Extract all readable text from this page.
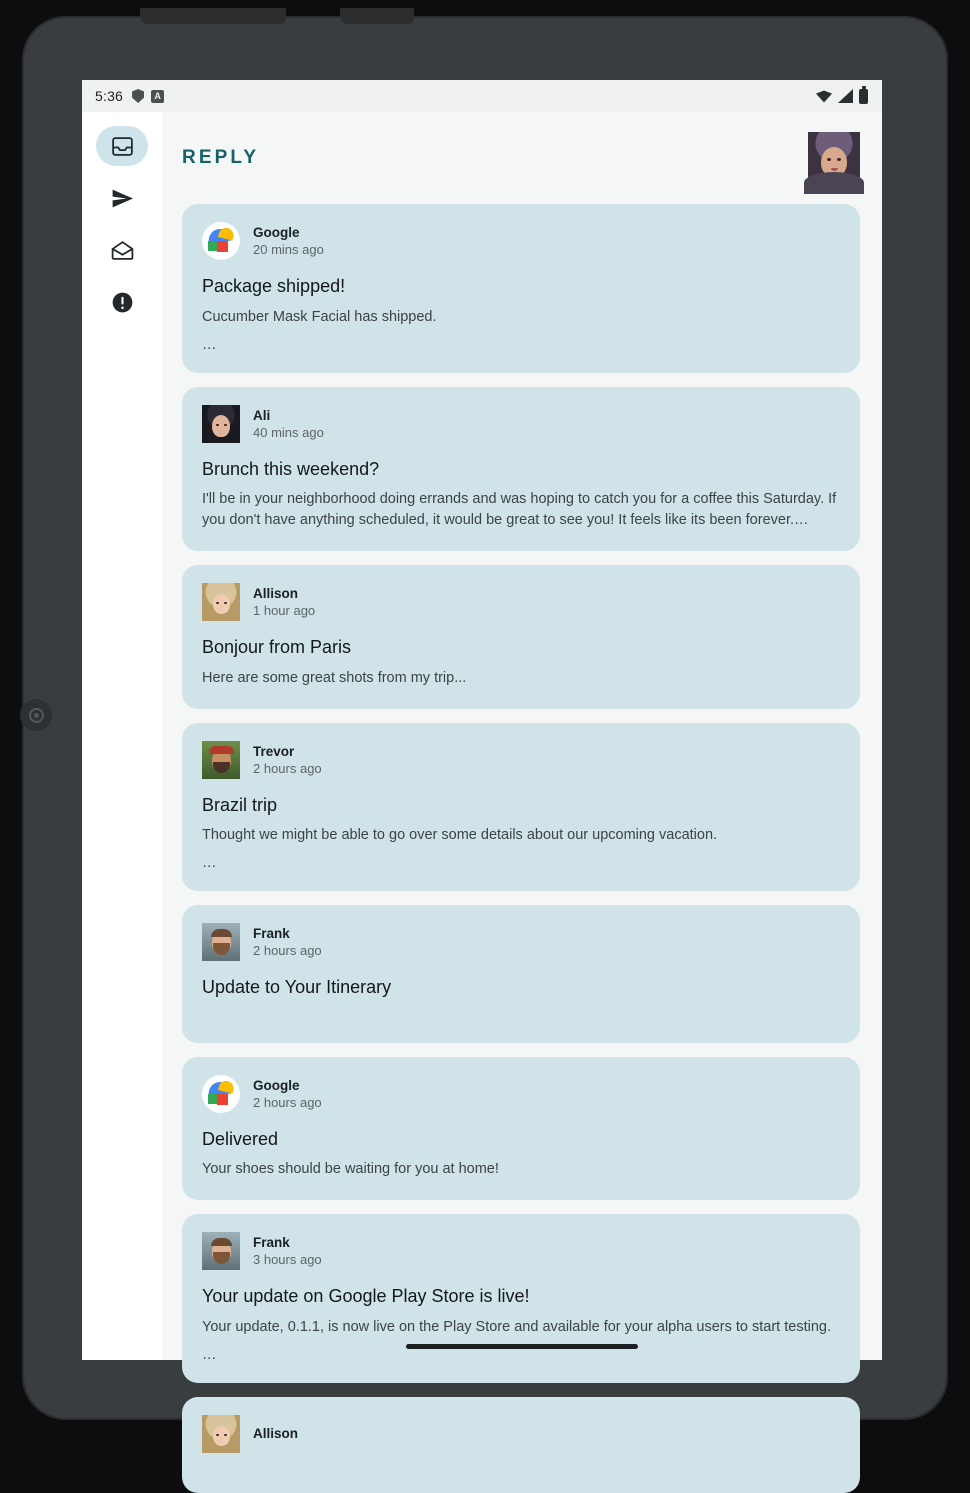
5:36	A
REPLY
Google
20 mins ago
Package shipped!
Cucumber Mask Facial has shipped.
…
Ali
40 mins ago
Brunch this weekend?
I'll be in your neighborhood doing errands and was hoping to catch you for a coffee this Saturday. If you don't have anything scheduled, it would be great to see you! It feels like its been forever.…
Allison
1 hour ago
Bonjour from Paris
Here are some great shots from my trip...
Trevor
2 hours ago
Brazil trip
Thought we might be able to go over some details about our upcoming vacation.
…
Frank
2 hours ago
Update to Your Itinerary
Google
2 hours ago
Delivered
Your shoes should be waiting for you at home!
Frank
3 hours ago
Your update on Google Play Store is live!
Your update, 0.1.1, is now live on the Play Store and available for your alpha users to start testing.
…
Allison
